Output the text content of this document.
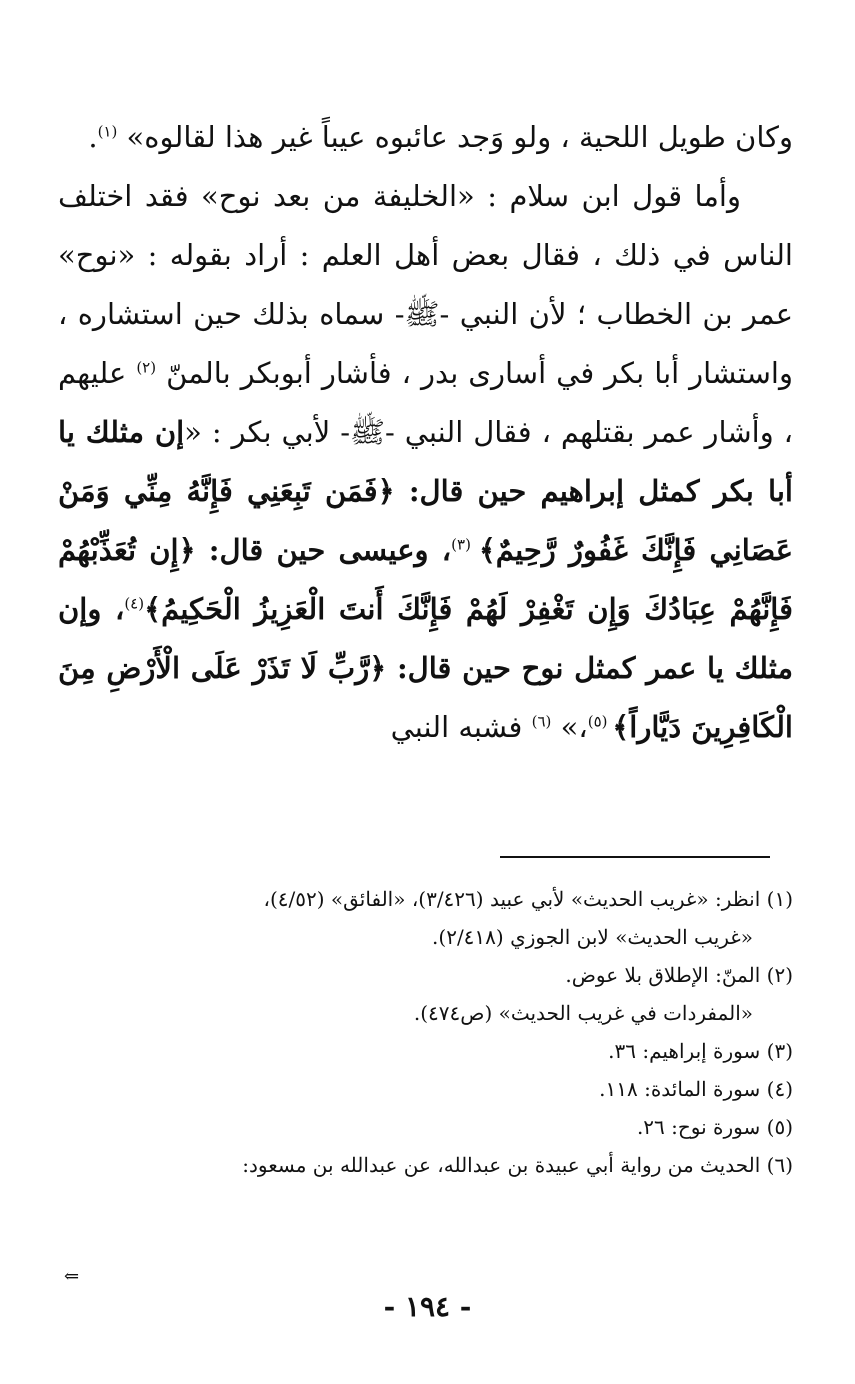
وكان طويل اللحية ، ولو وَجد عائبوه عيباً غير هذا لقالوه» $^{(١)}$.

وأما قول ابن سلام : «الخليفة من بعد نوح» فقد اختلف الناس في ذلك ، فقال بعض أهل العلم : أراد بقوله : «نوح» عمر بن الخطاب ؛ لأن النبي -ﷺ- سماه بذلك حين استشاره ، واستشار أبا بكر في أسارى بدر ، فأشار أبوبكر بالمنّ $^{(٢)}$ عليهم ، وأشار عمر بقتلهم ، فقال النبي -ﷺ- لأبي بكر : «إن مثلك يا أبا بكر كمثل إبراهيم حين قال: ﴿فَمَن تَبِعَنِي فَإِنَّهُ مِنِّي وَمَنْ عَصَانِي فَإِنَّكَ غَفُورٌ رَّحِيمٌ﴾ $^{(٣)}$، وعيسى حين قال: ﴿إِن تُعَذِّبْهُمْ فَإِنَّهُمْ عِبَادُكَ وَإِن تَغْفِرْ لَهُمْ فَإِنَّكَ أَنتَ الْعَزِيزُ الْحَكِيمُ﴾$^{(٤)}$، وإن مثلك يا عمر كمثل نوح حين قال: ﴿رَّبِّ لَا تَذَرْ عَلَى الْأَرْضِ مِنَ الْكَافِرِينَ دَيَّاراً﴾ $^{(٥)}$،» $^{(٦)}$ فشبه النبي

(١) انظر: «غريب الحديث» لأبي عبيد (٣/٤٢٦)، «الفائق» (٤/٥٢)،

«غريب الحديث» لابن الجوزي (٢/٤١٨).

(٢) المنّ: الإطلاق بلا عوض.

«المفردات في غريب الحديث» (ص٤٧٤).

(٣) سورة إبراهيم: ٣٦.

(٤) سورة المائدة: ١١٨.

(٥) سورة نوح: ٢٦.

(٦) الحديث من رواية أبي عبيدة بن عبدالله، عن عبدالله بن مسعود:

⇐
- ١٩٤ -
